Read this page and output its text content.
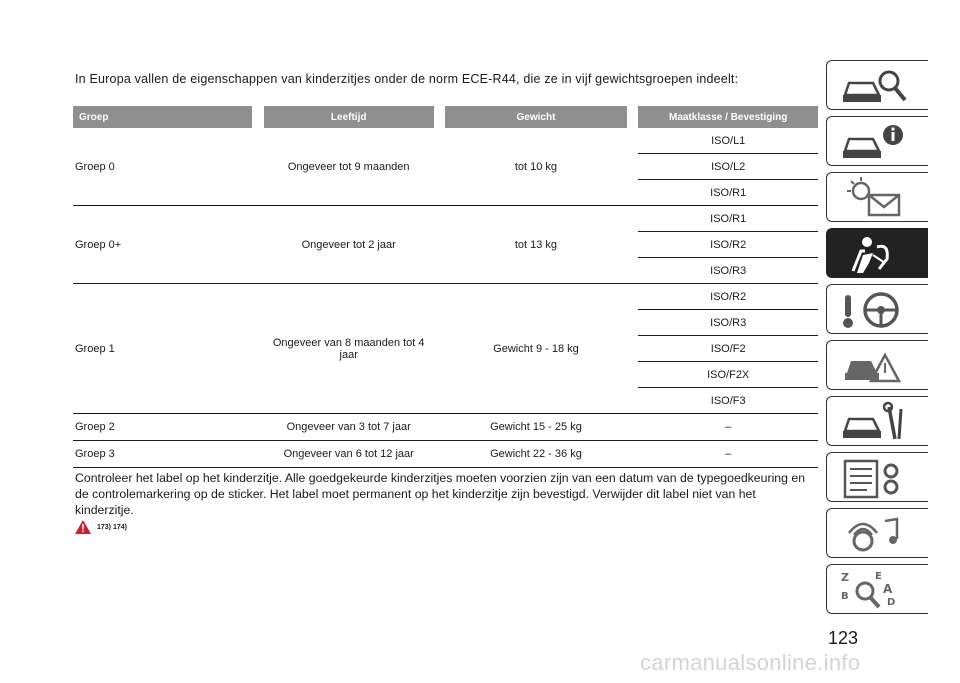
In Europa vallen de eigenschappen van kinderzitjes onder de norm ECE-R44, die ze in vijf gewichtsgroepen indeelt:
Groep		Leeftijd		Gewicht		Maatklasse / Bevestiging
Groep 0		Ongeveer tot 9 maanden		tot 10 kg		ISO/L1
						ISO/L2
						ISO/R1
Groep 0+		Ongeveer tot 2 jaar		tot 13 kg		ISO/R1
						ISO/R2
						ISO/R3
Groep 1		Ongeveer van 8 maanden tot 4 jaar		Gewicht 9 - 18 kg		ISO/R2
						ISO/R3
						ISO/F2
						ISO/F2X
						ISO/F3
Groep 2		Ongeveer van 3 tot 7 jaar		Gewicht 15 - 25 kg		–
Groep 3		Ongeveer van 6 tot 12 jaar		Gewicht 22 - 36 kg		–
Controleer het label op het kinderzitje. Alle goedgekeurde kinderzitjes moeten voorzien zijn van een datum van de typegoedkeuring en de controlemarkering op de sticker. Het label moet permanent op het kinderzitje zijn bevestigd. Verwijder dit label niet van het kinderzitje.
173) 174)
Z	E
B
A
D
123
carmanualsonline.info
